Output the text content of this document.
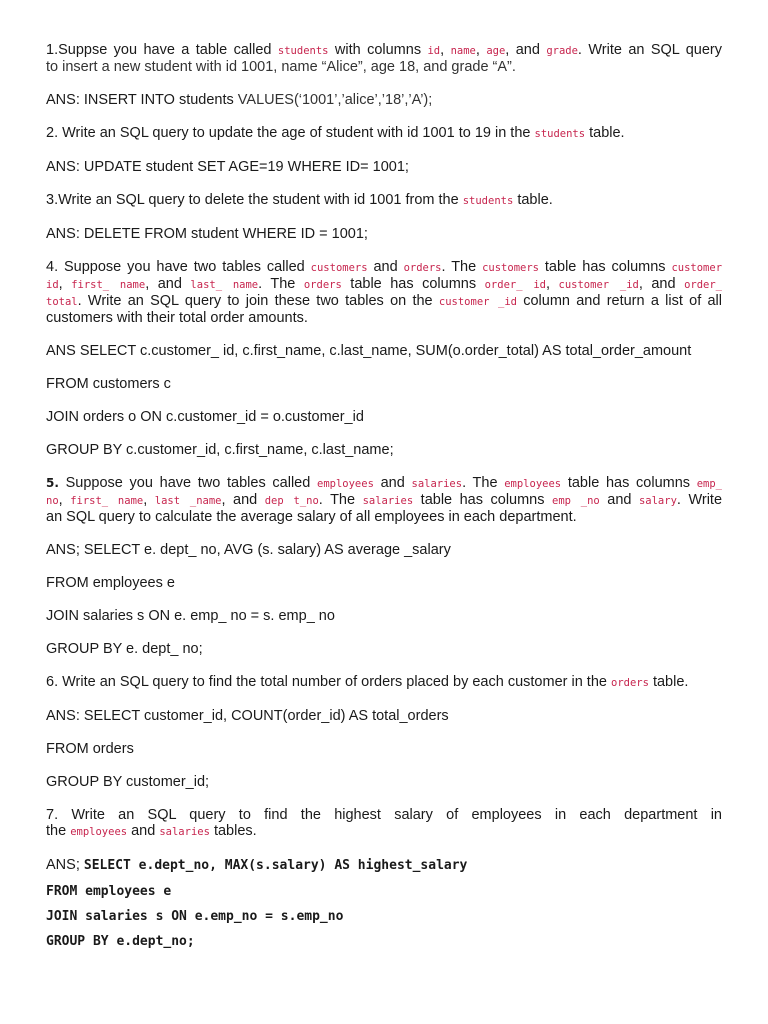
1.Suppse you have a table called students with columns id, name, age, and grade. Write an SQL query

to insert a new student with id 1001, name “Alice”, age 18, and grade “A”.

ANS: INSERT INTO students VALUES(‘1001’,’alice’,’18’,’A’);

2. Write an SQL query to update the age of student with id 1001 to 19 in the students table.

ANS: UPDATE student SET AGE=19 WHERE ID= 1001;

3.Write an SQL query to delete the student with id 1001 from the students table.

ANS: DELETE FROM student WHERE ID = 1001;

4. Suppose you have two tables called customers and orders. The customers table has columns customer

id, first_ name, and last_ name. The orders table has columns order_ id, customer _id, and order_

total. Write an SQL query to join these two tables on the customer _id column and return a list of all

customers with their total order amounts.

ANS SELECT c.customer_ id, c.first_name, c.last_name, SUM(o.order_total) AS total_order_amount

FROM customers c

JOIN orders o ON c.customer_id = o.customer_id

GROUP BY c.customer_id, c.first_name, c.last_name;

5. Suppose you have two tables called employees and salaries. The employees table has columns emp_

no, first_ name, last _name, and dep t_no. The salaries table has columns emp _no and salary. Write

an SQL query to calculate the average salary of all employees in each department.

ANS; SELECT e. dept_ no, AVG (s. salary) AS average _salary

FROM employees e

JOIN salaries s ON e. emp_ no = s. emp_ no

GROUP BY e. dept_ no;

6. Write an SQL query to find the total number of orders placed by each customer in the orders table.

ANS: SELECT customer_id, COUNT(order_id) AS total_orders

FROM orders

GROUP BY customer_id;

7. Write an SQL query to find the highest salary of employees in each department in

the employees and salaries tables.

ANS; SELECT e.dept_no, MAX(s.salary) AS highest_salary

FROM employees e

JOIN salaries s ON e.emp_no = s.emp_no

GROUP BY e.dept_no;
